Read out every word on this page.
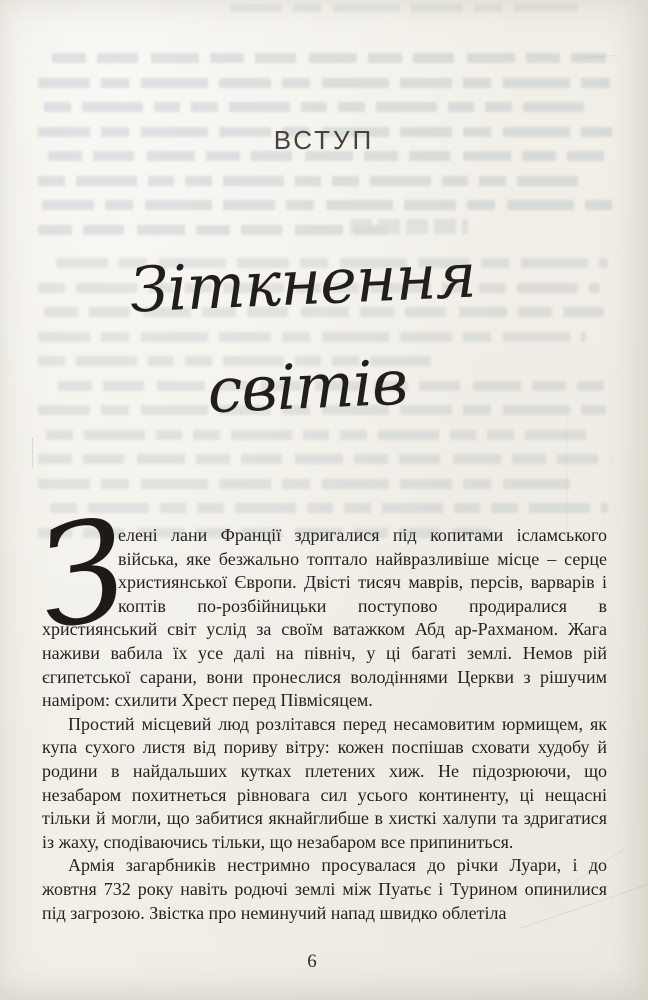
ВСТУП
Зіткнення
світів

З
елені лани Франції здригалися під копитами ісламського війська, яке безжально топтало найвразливіше місце – серце християнської Європи. Двісті тисяч маврів, персів, варварів і коптів по-розбійницьки поступово продиралися в християнський світ услід за своїм ватажком Абд ар-Рахманом. Жага наживи вабила їх усе далі на північ, у ці багаті землі. Немов рій єгипетської сарани, вони пронеслися володіннями Церкви з рішучим наміром: схилити Хрест перед Півмісяцем.

Простий місцевий люд розлітався перед несамовитим юрмищем, як купа сухого листя від пориву вітру: кожен поспішав сховати худобу й родини в найдальших кутках плетених хиж. Не підозрюючи, що незабаром похитнеться рівновага сил усього континенту, ці нещасні тільки й могли, що забитися якнайглибше в хисткі халупи та здригатися із жаху, сподіваючись тільки, що незабаром все припиниться.

Армія загарбників нестримно просувалася до річки Луари, і до жовтня 732 року навіть родючі землі між Пуатьє і Турином опинилися під загрозою. Звістка про неминучий напад швидко облетіла

6
